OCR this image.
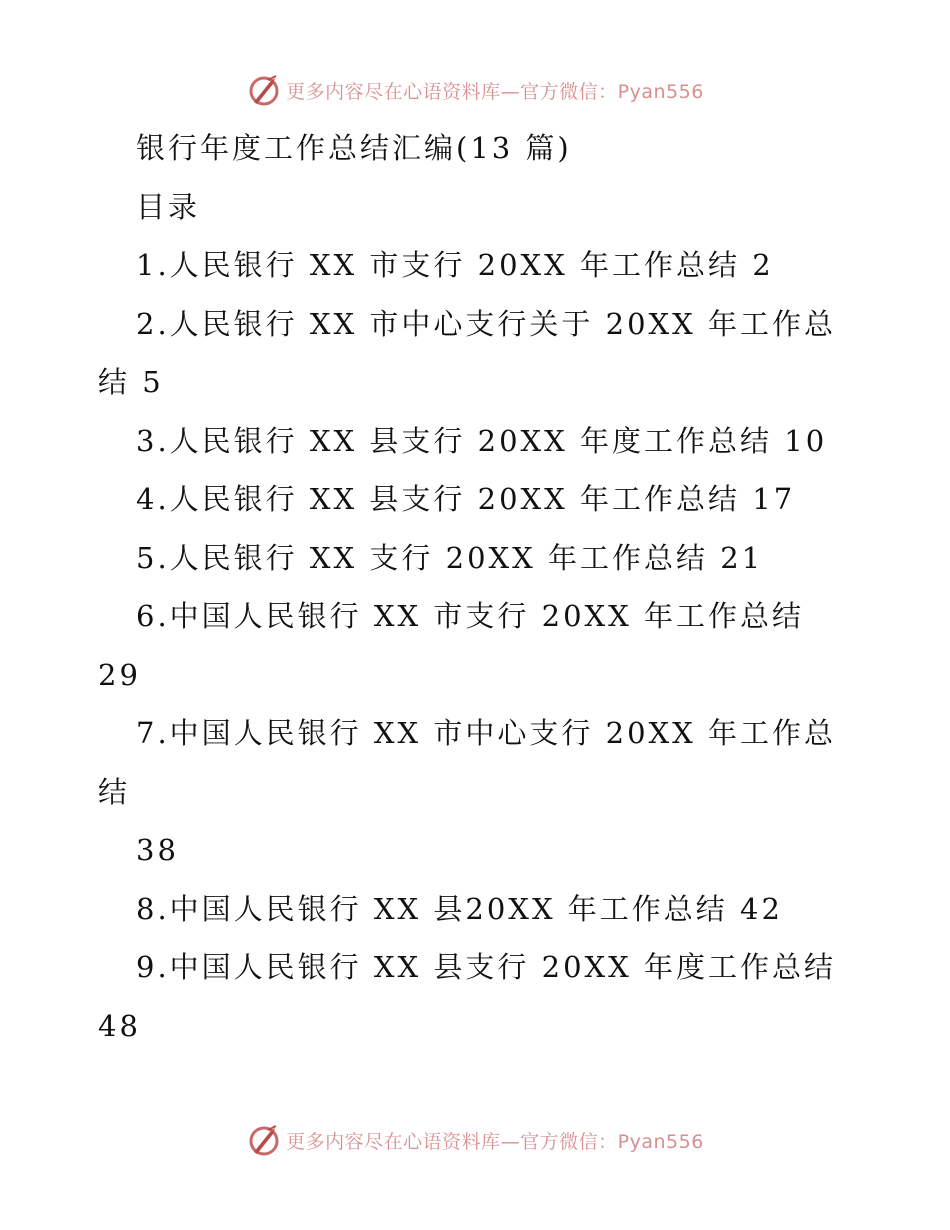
更多内容尽在心语资料库—官方微信：Pyan556
银行年度工作总结汇编(13 篇)
目录
1.人民银行 XX 市支行 20XX 年工作总结 2
2.人民银行 XX 市中心支行关于 20XX 年工作总
结 5
3.人民银行 XX 县支行 20XX 年度工作总结 10
4.人民银行 XX 县支行 20XX 年工作总结 17
5.人民银行 XX 支行 20XX 年工作总结 21
6.中国人民银行 XX 市支行 20XX 年工作总结
29
7.中国人民银行 XX 市中心支行 20XX 年工作总
结
38
8.中国人民银行 XX 县20XX 年工作总结 42
9.中国人民银行 XX 县支行 20XX 年度工作总结
48
更多内容尽在心语资料库—官方微信：Pyan556
